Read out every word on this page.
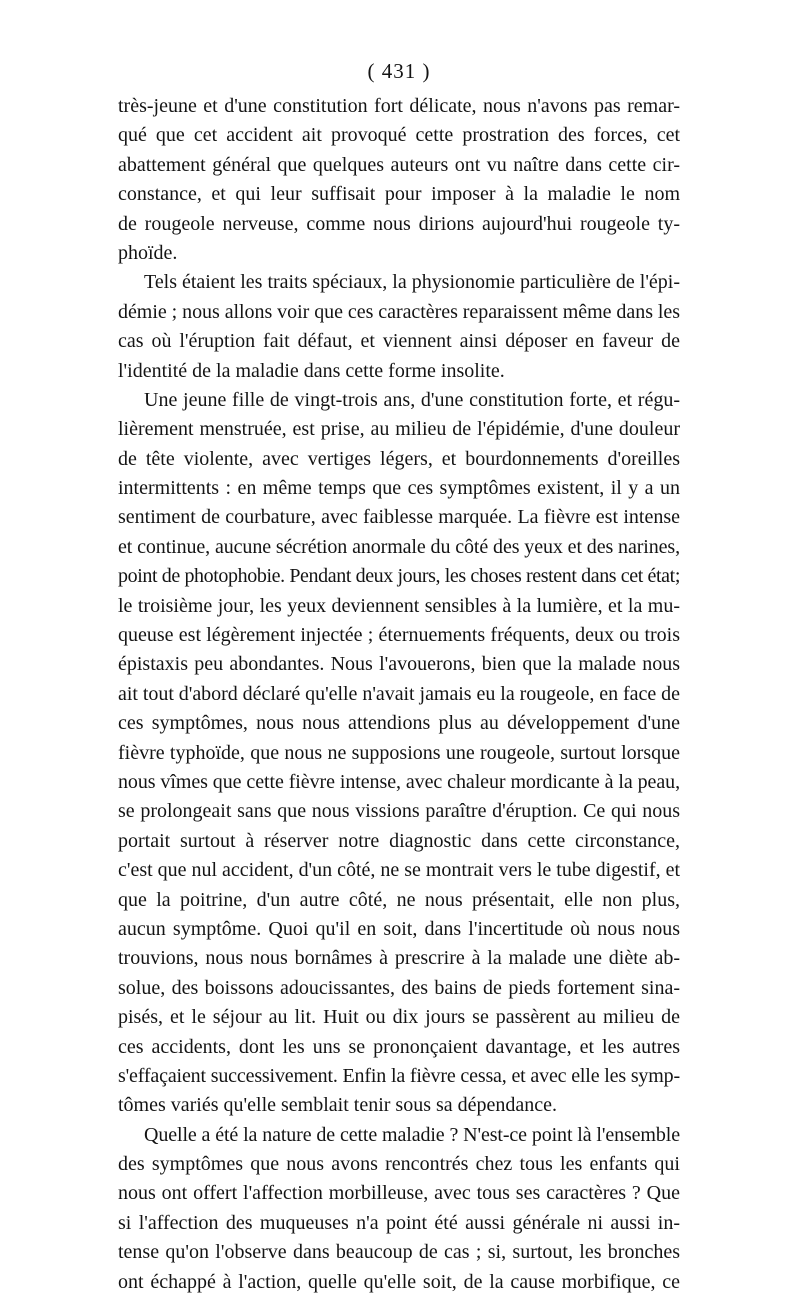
( 431 )
très-jeune et d'une constitution fort délicate, nous n'avons pas remar-
qué que cet accident ait provoqué cette prostration des forces, cet
abattement général que quelques auteurs ont vu naître dans cette cir-
constance, et qui leur suffisait pour imposer à la maladie le nom
de rougeole nerveuse, comme nous dirions aujourd'hui rougeole ty-
phoïde.
Tels étaient les traits spéciaux, la physionomie particulière de l'épi-
démie ; nous allons voir que ces caractères reparaissent même dans les
cas où l'éruption fait défaut, et viennent ainsi déposer en faveur de
l'identité de la maladie dans cette forme insolite.
Une jeune fille de vingt-trois ans, d'une constitution forte, et régu-
lièrement menstruée, est prise, au milieu de l'épidémie, d'une douleur
de tête violente, avec vertiges légers, et bourdonnements d'oreilles
intermittents : en même temps que ces symptômes existent, il y a un
sentiment de courbature, avec faiblesse marquée. La fièvre est intense
et continue, aucune sécrétion anormale du côté des yeux et des narines,
point de photophobie. Pendant deux jours, les choses restent dans cet état;
le troisième jour, les yeux deviennent sensibles à la lumière, et la mu-
queuse est légèrement injectée ; éternuements fréquents, deux ou trois
épistaxis peu abondantes. Nous l'avouerons, bien que la malade nous
ait tout d'abord déclaré qu'elle n'avait jamais eu la rougeole, en face de
ces symptômes, nous nous attendions plus au développement d'une
fièvre typhoïde, que nous ne supposions une rougeole, surtout lorsque
nous vîmes que cette fièvre intense, avec chaleur mordicante à la peau,
se prolongeait sans que nous vissions paraître d'éruption. Ce qui nous
portait surtout à réserver notre diagnostic dans cette circonstance,
c'est que nul accident, d'un côté, ne se montrait vers le tube digestif, et
que la poitrine, d'un autre côté, ne nous présentait, elle non plus,
aucun symptôme. Quoi qu'il en soit, dans l'incertitude où nous nous
trouvions, nous nous bornâmes à prescrire à la malade une diète ab-
solue, des boissons adoucissantes, des bains de pieds fortement sina-
pisés, et le séjour au lit. Huit ou dix jours se passèrent au milieu de
ces accidents, dont les uns se prononçaient davantage, et les autres
s'effaçaient successivement. Enfin la fièvre cessa, et avec elle les symp-
tômes variés qu'elle semblait tenir sous sa dépendance.
Quelle a été la nature de cette maladie ? N'est-ce point là l'ensemble
des symptômes que nous avons rencontrés chez tous les enfants qui
nous ont offert l'affection morbilleuse, avec tous ses caractères ? Que
si l'affection des muqueuses n'a point été aussi générale ni aussi in-
tense qu'on l'observe dans beaucoup de cas ; si, surtout, les bronches
ont échappé à l'action, quelle qu'elle soit, de la cause morbifique, ce
